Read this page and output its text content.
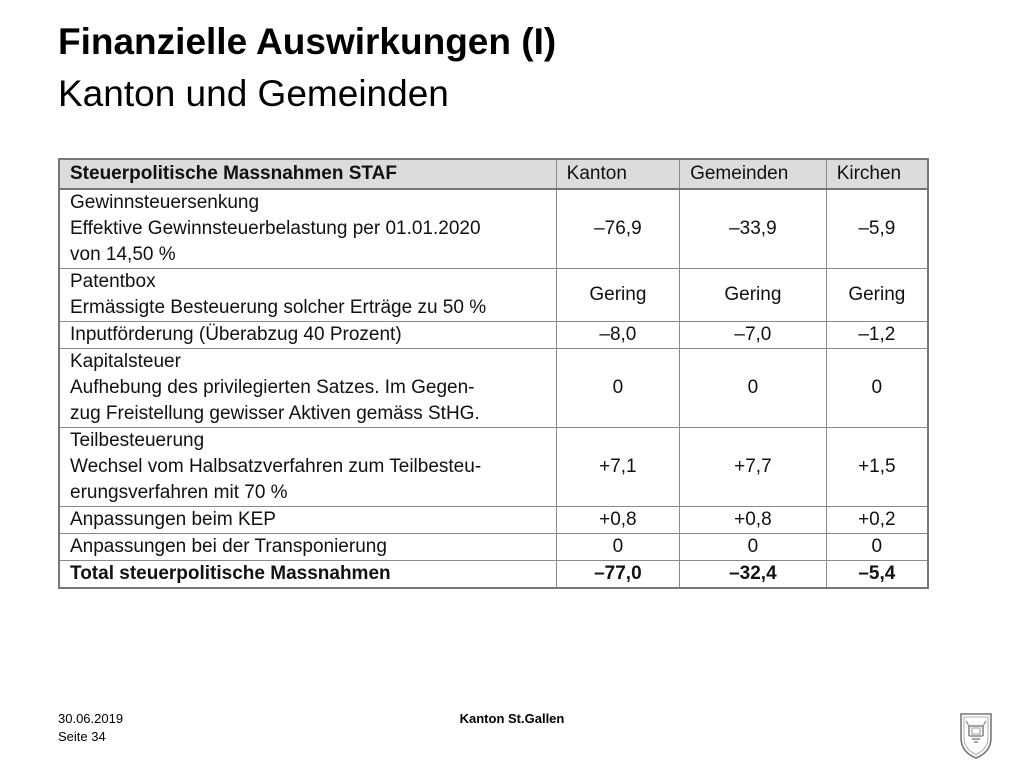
Finanzielle Auswirkungen (I)
Kanton und Gemeinden
Steuerpolitische Massnahmen STAF	Kanton	Gemeinden	Kirchen

Gewinnsteuersenkung
Effektive Gewinnsteuerbelastung per 01.01.2020
von 14,50 %	–76,9	–33,9	–5,9

Patentbox
Ermässigte Besteuerung solcher Erträge zu 50 %	Gering	Gering	Gering

Inputförderung (Überabzug 40 Prozent)	–8,0	–7,0	–1,2

Kapitalsteuer
Aufhebung des privilegierten Satzes. Im Gegen-
zug Freistellung gewisser Aktiven gemäss StHG.	0	0	0

Teilbesteuerung
Wechsel vom Halbsatzverfahren zum Teilbesteu-
erungsverfahren mit 70 %	+7,1	+7,7	+1,5

Anpassungen beim KEP	+0,8	+0,8	+0,2

Anpassungen bei der Transponierung	0	0	0
Total steuerpolitische Massnahmen	–77,0	–32,4	–5,4
30.06.2019
Seite 34
Kanton St.Gallen
